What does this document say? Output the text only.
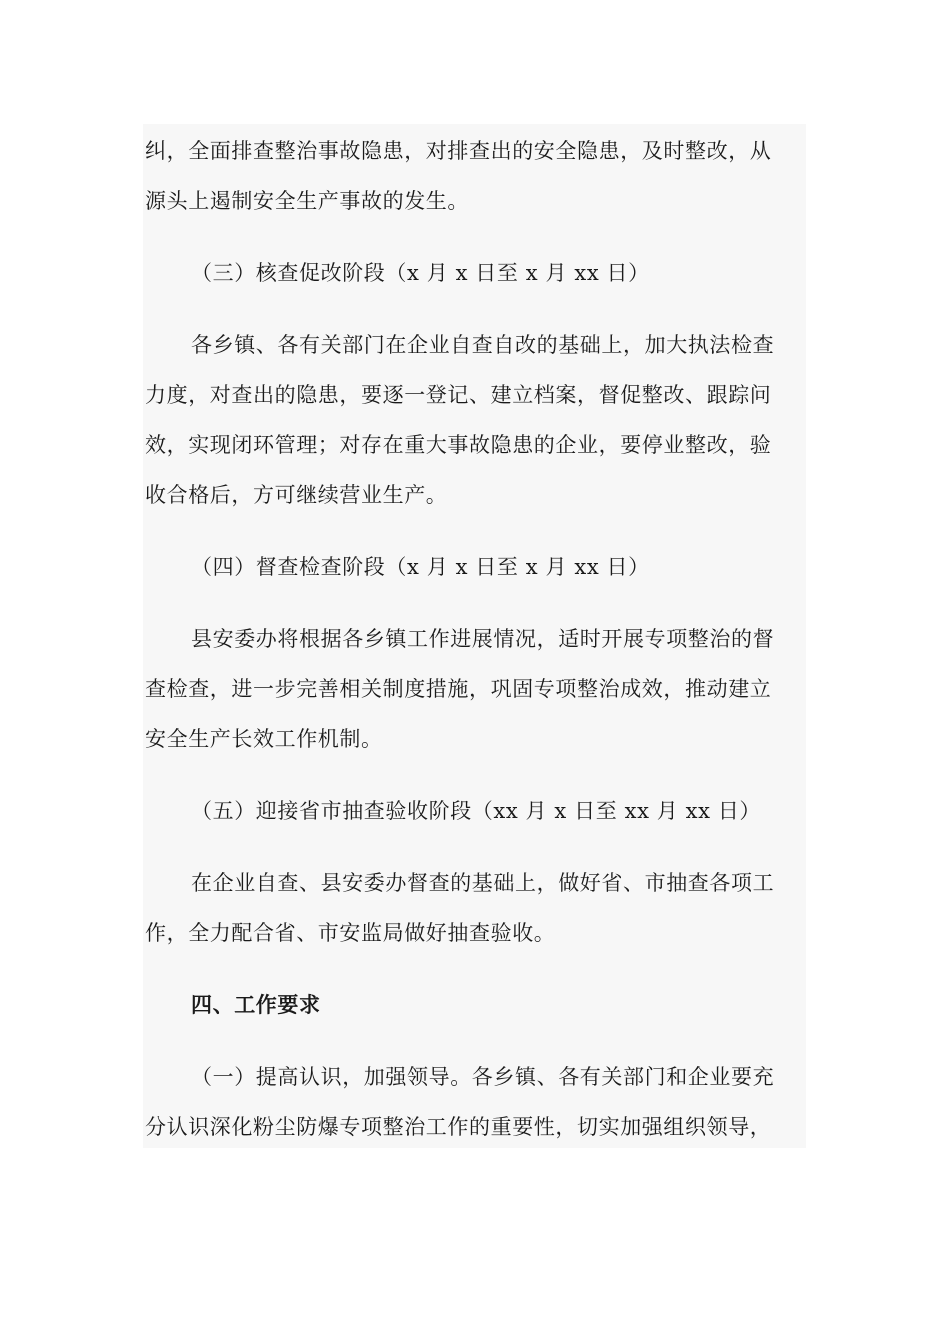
纠，全面排查整治事故隐患，对排查出的安全隐患，及时整改，从
源头上遏制安全生产事故的发生。
（三）核查促改阶段（x 月 x 日至 x 月 xx 日）
各乡镇、各有关部门在企业自查自改的基础上，加大执法检查
力度，对查出的隐患，要逐一登记、建立档案，督促整改、跟踪问
效，实现闭环管理；对存在重大事故隐患的企业，要停业整改，验
收合格后，方可继续营业生产。
（四）督查检查阶段（x 月 x 日至 x 月 xx 日）
县安委办将根据各乡镇工作进展情况，适时开展专项整治的督
查检查，进一步完善相关制度措施，巩固专项整治成效，推动建立
安全生产长效工作机制。
（五）迎接省市抽查验收阶段（xx 月 x 日至 xx 月 xx 日）
在企业自查、县安委办督查的基础上，做好省、市抽查各项工
作，全力配合省、市安监局做好抽查验收。
四、工作要求
（一）提高认识，加强领导。各乡镇、各有关部门和企业要充
分认识深化粉尘防爆专项整治工作的重要性，切实加强组织领导，
